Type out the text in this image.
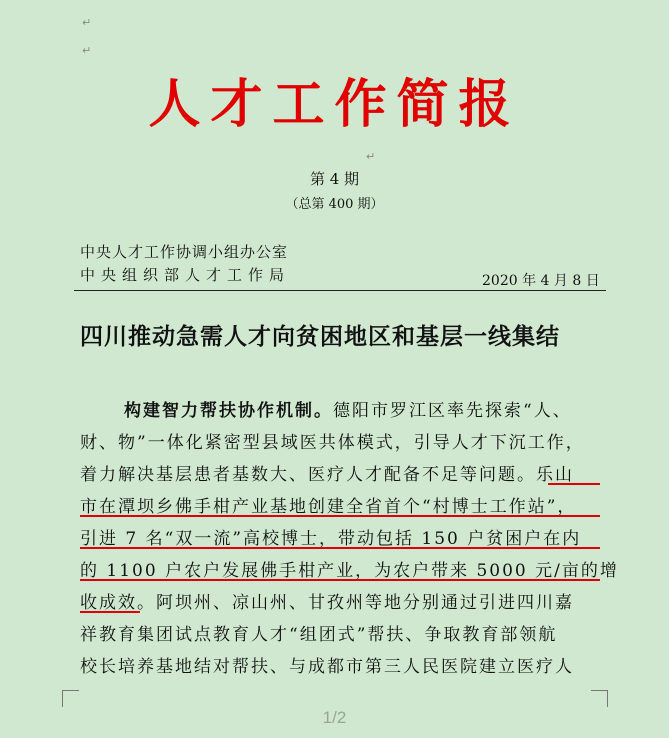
↵
↵
人才工作简报
第 4 期
（总第 400 期）
↵
中央人才工作协调小组办公室
中央组织部人才工作局	2020 年 4 月 8 日
四川推动急需人才向贫困地区和基层一线集结
构建智力帮扶协作机制。德阳市罗江区率先探索“人、
财、物”一体化紧密型县域医共体模式，引导人才下沉工作，
着力解决基层患者基数大、医疗人才配备不足等问题。乐山
市在潭坝乡佛手柑产业基地创建全省首个“村博士工作站”，
引进 7 名“双一流”高校博士，带动包括 150 户贫困户在内
的 1100 户农户发展佛手柑产业，为农户带来 5000 元/亩的增
收成效。阿坝州、凉山州、甘孜州等地分别通过引进四川嘉
祥教育集团试点教育人才“组团式”帮扶、争取教育部领航
校长培养基地结对帮扶、与成都市第三人民医院建立医疗人
1/2
